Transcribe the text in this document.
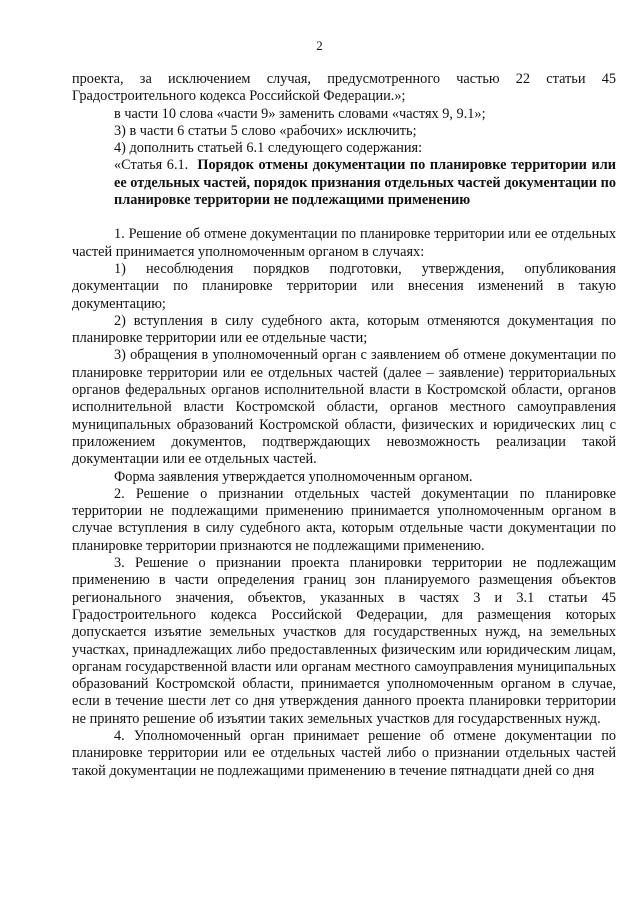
2

проекта, за исключением случая, предусмотренного частью 22 статьи 45 Градостроительного кодекса Российской Федерации.»;

в части 10 слова «части 9» заменить словами «частях 9, 9.1»;

3) в части 6 статьи 5 слово «рабочих» исключить;

4) дополнить статьей 6.1 следующего содержания:

«Статья 6.1. Порядок отмены документации по планировке территории или ее отдельных частей, порядок признания отдельных частей документации по планировке территории не подлежащими применению

1. Решение об отмене документации по планировке территории или ее отдельных частей принимается уполномоченным органом в случаях:

1) несоблюдения порядков подготовки, утверждения, опубликования документации по планировке территории или внесения изменений в такую документацию;

2) вступления в силу судебного акта, которым отменяются документация по планировке территории или ее отдельные части;

3) обращения в уполномоченный орган с заявлением об отмене документации по планировке территории или ее отдельных частей (далее – заявление) территориальных органов федеральных органов исполнительной власти в Костромской области, органов исполнительной власти Костромской области, органов местного самоуправления муниципальных образований Костромской области, физических и юридических лиц с приложением документов, подтверждающих невозможность реализации такой документации или ее отдельных частей.

Форма заявления утверждается уполномоченным органом.

2. Решение о признании отдельных частей документации по планировке территории не подлежащими применению принимается уполномоченным органом в случае вступления в силу судебного акта, которым отдельные части документации по планировке территории признаются не подлежащими применению.

3. Решение о признании проекта планировки территории не подлежащим применению в части определения границ зон планируемого размещения объектов регионального значения, объектов, указанных в частях 3 и 3.1 статьи 45 Градостроительного кодекса Российской Федерации, для размещения которых допускается изъятие земельных участков для государственных нужд, на земельных участках, принадлежащих либо предоставленных физическим или юридическим лицам, органам государственной власти или органам местного самоуправления муниципальных образований Костромской области, принимается уполномоченным органом в случае, если в течение шести лет со дня утверждения данного проекта планировки территории не принято решение об изъятии таких земельных участков для государственных нужд.

4. Уполномоченный орган принимает решение об отмене документации по планировке территории или ее отдельных частей либо о признании отдельных частей такой документации не подлежащими применению в течение пятнадцати дней со дня
